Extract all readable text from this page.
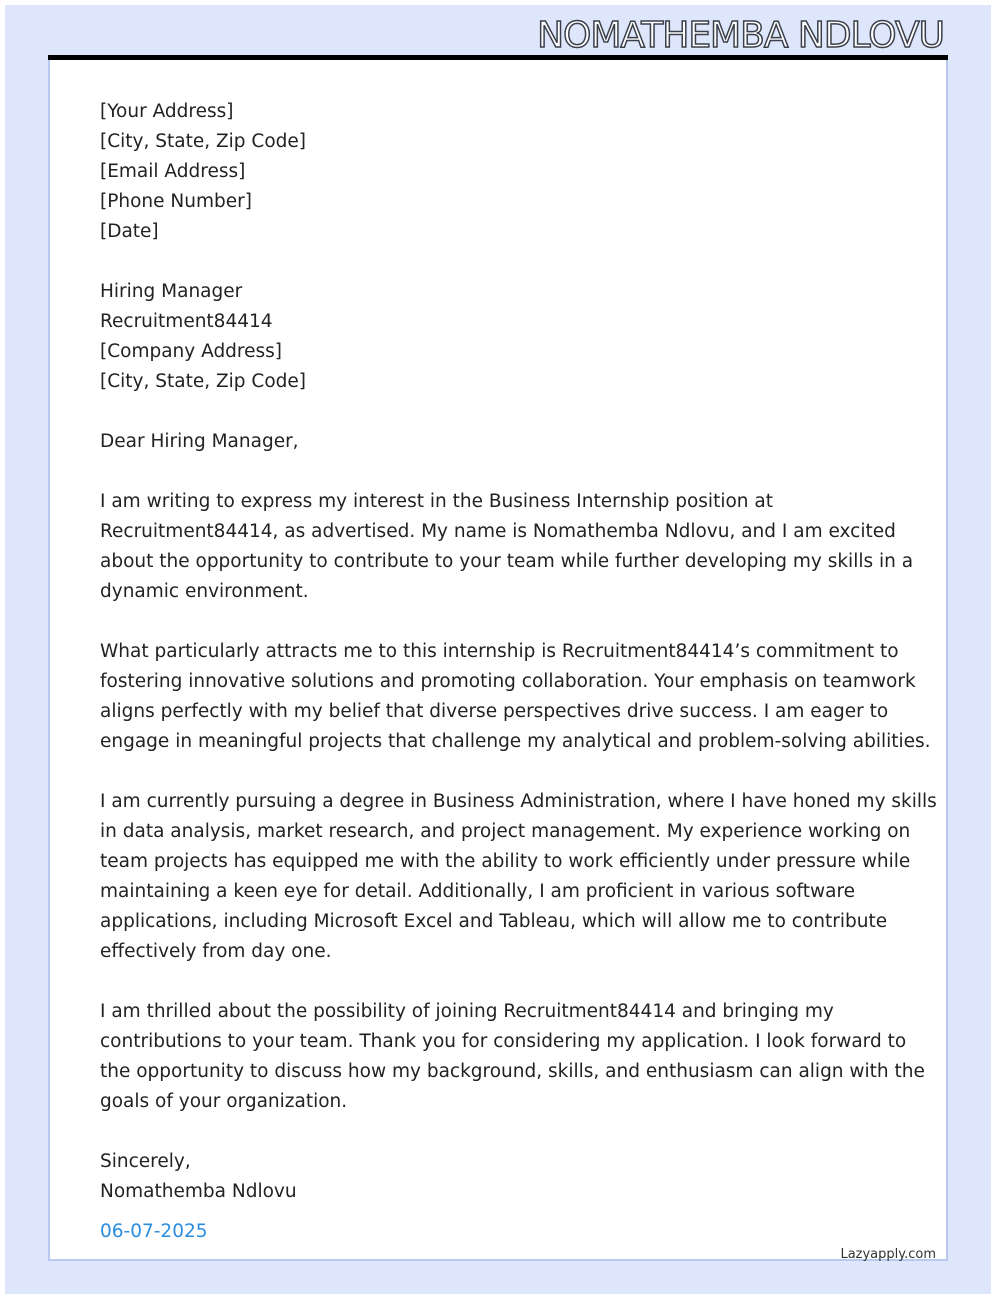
NOMATHEMBA NDLOVU
[Your Address]
[City, State, Zip Code]
[Email Address]
[Phone Number]
[Date]
Hiring Manager
Recruitment84414
[Company Address]
[City, State, Zip Code]
Dear Hiring Manager,
I am writing to express my interest in the Business Internship position at
Recruitment84414, as advertised. My name is Nomathemba Ndlovu, and I am excited
about the opportunity to contribute to your team while further developing my skills in a
dynamic environment.
What particularly attracts me to this internship is Recruitment84414’s commitment to
fostering innovative solutions and promoting collaboration. Your emphasis on teamwork
aligns perfectly with my belief that diverse perspectives drive success. I am eager to
engage in meaningful projects that challenge my analytical and problem-solving abilities.
I am currently pursuing a degree in Business Administration, where I have honed my skills
in data analysis, market research, and project management. My experience working on
team projects has equipped me with the ability to work efficiently under pressure while
maintaining a keen eye for detail. Additionally, I am proficient in various software
applications, including Microsoft Excel and Tableau, which will allow me to contribute
effectively from day one.
I am thrilled about the possibility of joining Recruitment84414 and bringing my
contributions to your team. Thank you for considering my application. I look forward to
the opportunity to discuss how my background, skills, and enthusiasm can align with the
goals of your organization.
Sincerely,
Nomathemba Ndlovu
06-07-2025
Lazyapply.com
